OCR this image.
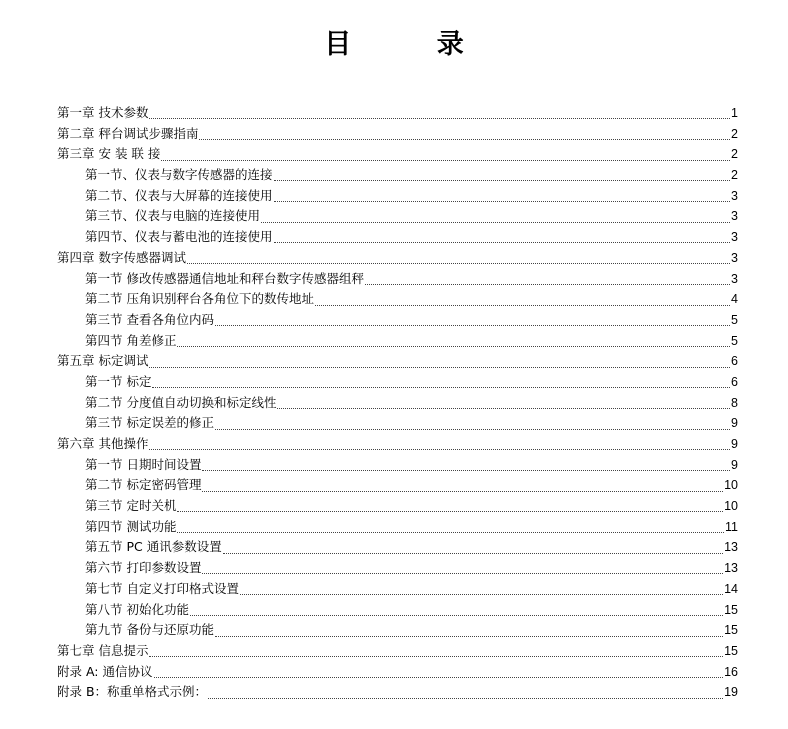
目 录
第一章 技术参数	1
第二章 秤台调试步骤指南	2
第三章 安 装 联 接	2
第一节、仪表与数字传感器的连接	2
第二节、仪表与大屏幕的连接使用	3
第三节、仪表与电脑的连接使用	3
第四节、仪表与蓄电池的连接使用	3
第四章 数字传感器调试	3
第一节 修改传感器通信地址和秤台数字传感器组秤	3
第二节 压角识别秤台各角位下的数传地址	4
第三节 查看各角位内码	5
第四节 角差修正	5
第五章 标定调试	6
第一节 标定	6
第二节 分度值自动切换和标定线性	8
第三节 标定误差的修正	9
第六章 其他操作	9
第一节 日期时间设置	9
第二节 标定密码管理	10
第三节 定时关机	10
第四节 测试功能	11
第五节 PC 通讯参数设置	13
第六节 打印参数设置	13
第七节 自定义打印格式设置	14
第八节 初始化功能	15
第九节 备份与还原功能	15
第七章 信息提示	15
附录 A: 通信协议	16
附录 B：称重单格式示例：	19
